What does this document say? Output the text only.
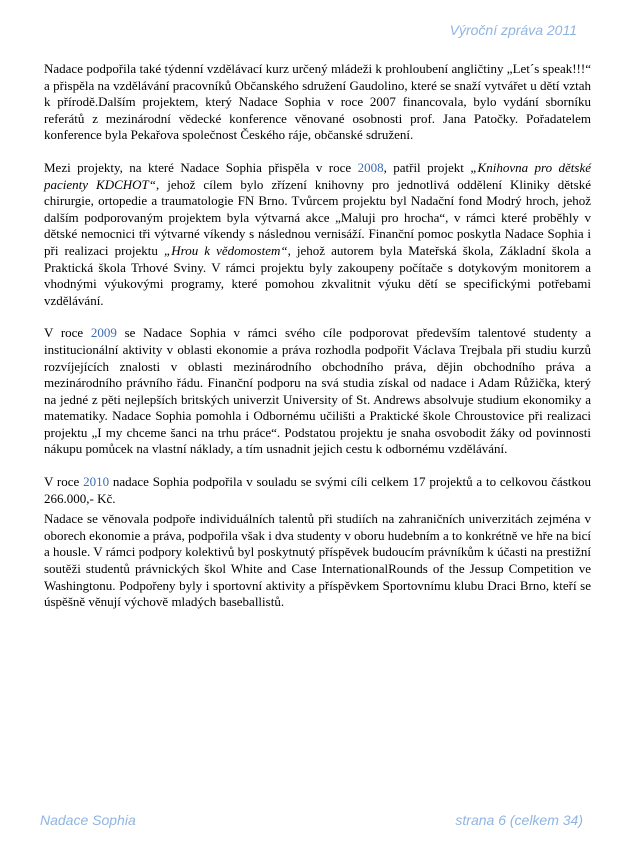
Výroční zpráva 2011

Nadace podpořila také týdenní vzdělávací kurz určený mládeži k prohloubení angličtiny „Let´s speak!!!“ a přispěla na vzdělávání pracovníků Občanského sdružení Gaudolino, které se snaží vytvářet u dětí vztah k přírodě.Dalším projektem, který Nadace Sophia v roce 2007 financovala, bylo vydání sborníku referátů z mezinárodní vědecké konference věnované osobnosti prof. Jana Patočky. Pořadatelem konference byla Pekařova společnost Českého ráje, občanské sdružení.

Mezi projekty, na které Nadace Sophia přispěla v roce 2008, patřil projekt „Knihovna pro dětské pacienty KDCHOT“, jehož cílem bylo zřízení knihovny pro jednotlivá oddělení Kliniky dětské chirurgie, ortopedie a traumatologie FN Brno. Tvůrcem projektu byl Nadační fond Modrý hroch, jehož dalším podporovaným projektem byla výtvarná akce „Maluji pro hrocha“, v rámci které proběhly v dětské nemocnici tři výtvarné víkendy s následnou vernisáží. Finanční pomoc poskytla Nadace Sophia i při realizaci projektu „Hrou k vědomostem“, jehož autorem byla Mateřská škola, Základní škola a Praktická škola Trhové Sviny. V rámci projektu byly zakoupeny počítače s dotykovým monitorem a vhodnými výukovými programy, které pomohou zkvalitnit výuku dětí se specifickými potřebami vzdělávání.

V roce 2009 se Nadace Sophia v rámci svého cíle podporovat především talentové studenty a institucionální aktivity v oblasti ekonomie a práva rozhodla podpořit Václava Trejbala při studiu kurzů rozvíjejících znalosti v oblasti mezinárodního obchodního práva, dějin obchodního práva a mezinárodního právního řádu. Finanční podporu na svá studia získal od nadace i Adam Růžička, který na jedné z pěti nejlepších britských univerzit University of St. Andrews absolvuje studium ekonomiky a matematiky. Nadace Sophia pomohla i Odbornému učilišti a Praktické škole Chroustovice při realizaci projektu „I my chceme šanci na trhu práce“. Podstatou projektu je snaha osvobodit žáky od povinnosti nákupu pomůcek na vlastní náklady, a tím usnadnit jejich cestu k odbornému vzdělávání.

V roce 2010 nadace Sophia podpořila v souladu se svými cíli celkem 17 projektů a to celkovou částkou 266.000,- Kč.

Nadace se věnovala podpoře individuálních talentů při studiích na zahraničních univerzitách zejména v oborech ekonomie a práva, podpořila však i dva studenty v oboru hudebním a to konkrétně ve hře na bicí a housle. V rámci podpory kolektivů byl poskytnutý příspěvek budoucím právníkům k účasti na prestižní soutěži studentů právnických škol White and Case InternationalRounds of the Jessup Competition ve Washingtonu. Podpořeny byly i sportovní aktivity a příspěvkem Sportovnímu klubu Draci Brno, kteří se úspěšně věnují výchově mladých baseballistů.

Nadace Sophia	strana 6 (celkem 34)
